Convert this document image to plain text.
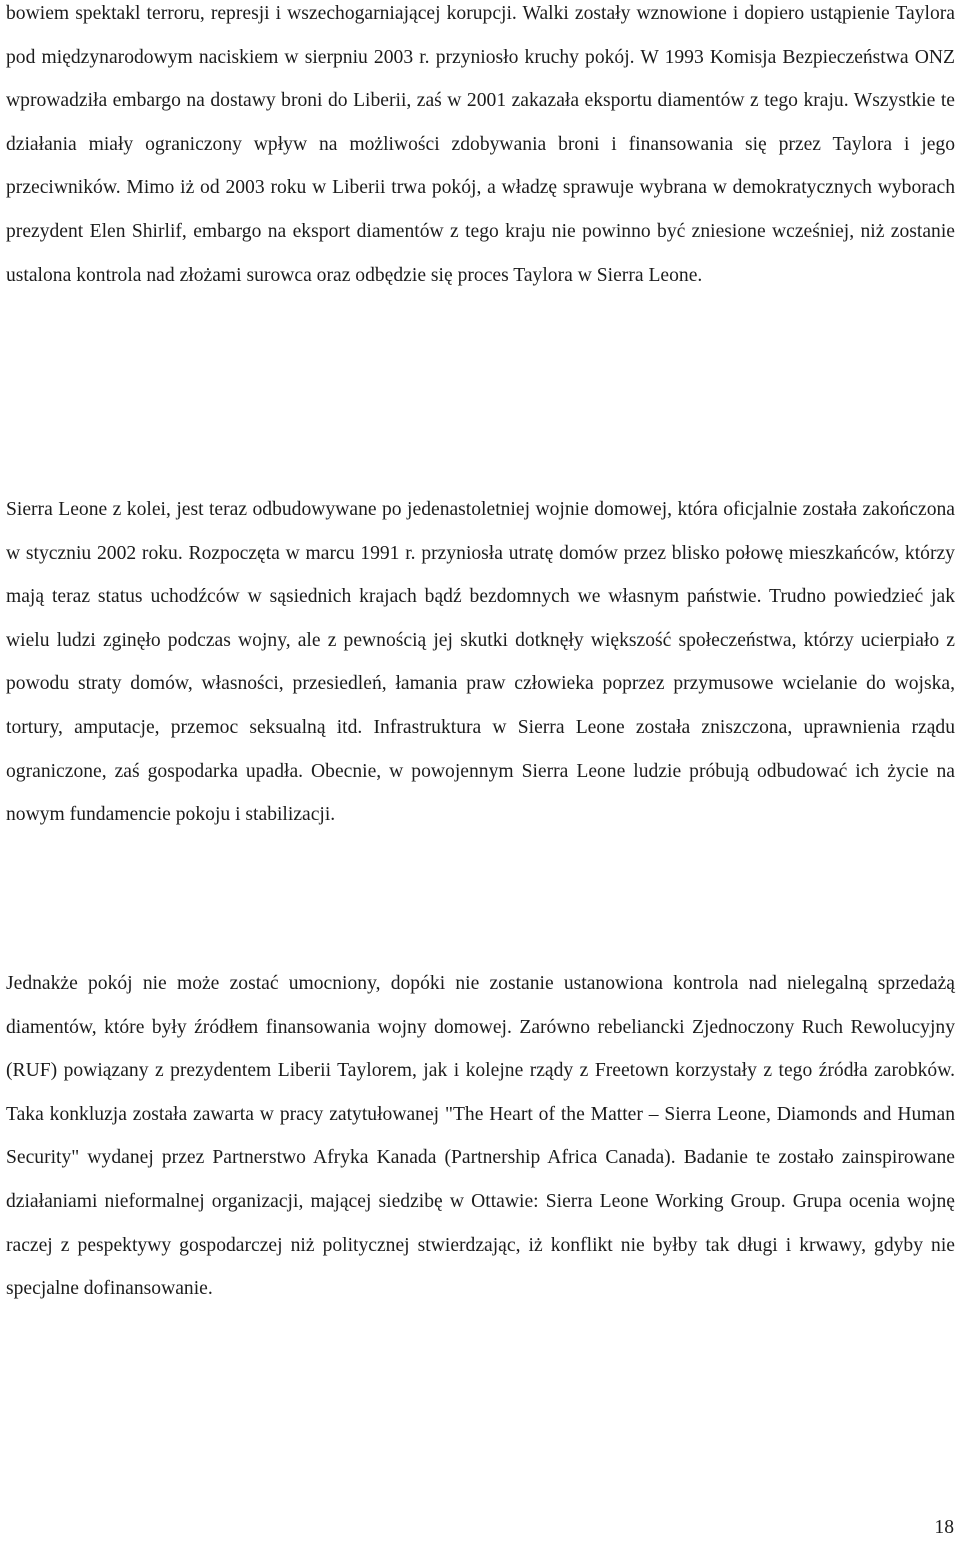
bowiem spektakl terroru, represji i wszechogarniającej korupcji. Walki zostały wznowione i dopiero ustąpienie Taylora pod międzynarodowym naciskiem w sierpniu 2003 r. przyniosło kruchy pokój. W 1993 Komisja Bezpieczeństwa ONZ wprowadziła embargo na dostawy broni do Liberii, zaś w 2001 zakazała eksportu diamentów z tego kraju. Wszystkie te działania miały ograniczony wpływ na możliwości zdobywania broni i finansowania się przez Taylora i jego przeciwników. Mimo iż od 2003 roku w Liberii trwa pokój, a władzę sprawuje wybrana w demokratycznych wyborach prezydent Elen Shirlif, embargo na eksport diamentów z tego kraju nie powinno być zniesione wcześniej, niż zostanie ustalona kontrola nad złożami surowca oraz odbędzie się proces Taylora w Sierra Leone.

Sierra Leone z kolei, jest teraz odbudowywane po jedenastoletniej wojnie domowej, która oficjalnie została zakończona w styczniu 2002 roku. Rozpoczęta w marcu 1991 r. przyniosła utratę domów przez blisko połowę mieszkańców, którzy mają teraz status uchodźców w sąsiednich krajach bądź bezdomnych we własnym państwie. Trudno powiedzieć jak wielu ludzi zginęło podczas wojny, ale z pewnością jej skutki dotknęły większość społeczeństwa, którzy ucierpiało z powodu straty domów, własności, przesiedleń, łamania praw człowieka poprzez przymusowe wcielanie do wojska, tortury, amputacje, przemoc seksualną itd. Infrastruktura w Sierra Leone została zniszczona, uprawnienia rządu ograniczone, zaś gospodarka upadła. Obecnie, w powojennym Sierra Leone ludzie próbują odbudować ich życie na nowym fundamencie pokoju i stabilizacji.

Jednakże pokój nie może zostać umocniony, dopóki nie zostanie ustanowiona kontrola nad nielegalną sprzedażą diamentów, które były źródłem finansowania wojny domowej. Zarówno rebeliancki Zjednoczony Ruch Rewolucyjny (RUF) powiązany z prezydentem Liberii Taylorem, jak i kolejne rządy z Freetown korzystały z tego źródła zarobków. Taka konkluzja została zawarta w pracy zatytułowanej "The Heart of the Matter – Sierra Leone, Diamonds and Human Security" wydanej przez Partnerstwo Afryka Kanada (Partnership Africa Canada). Badanie te zostało zainspirowane działaniami nieformalnej organizacji, mającej siedzibę w Ottawie: Sierra Leone Working Group. Grupa ocenia wojnę raczej z pespektywy gospodarczej niż politycznej stwierdzając, iż konflikt nie byłby tak długi i krwawy, gdyby nie specjalne dofinansowanie.

18
